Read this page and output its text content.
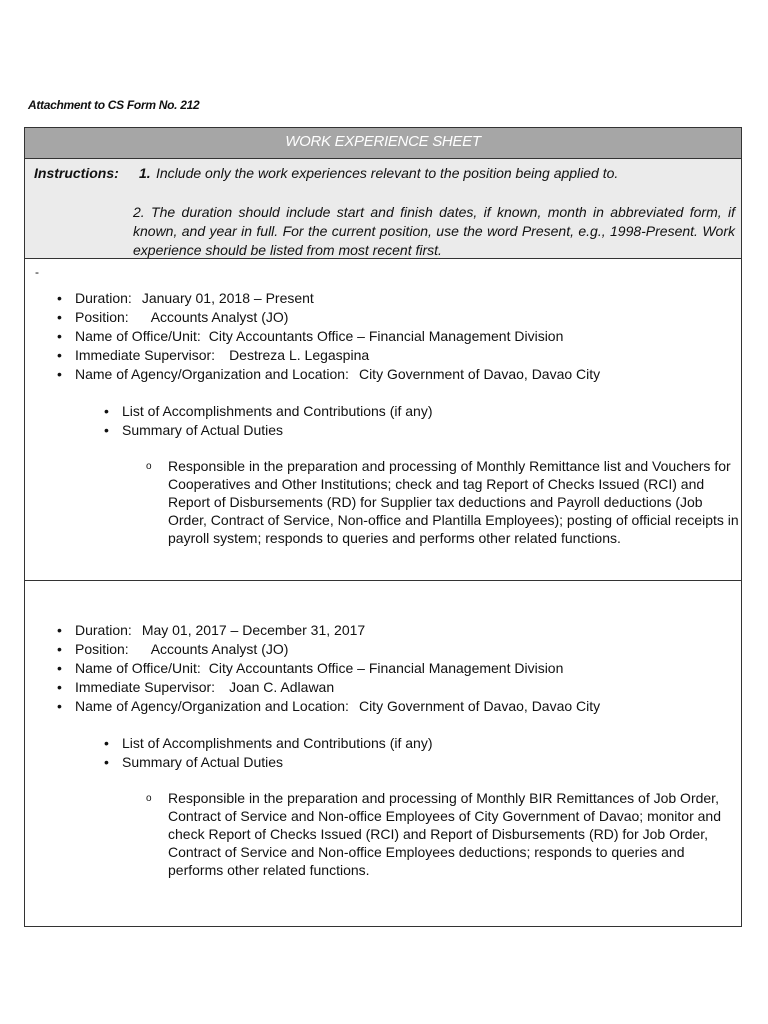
Attachment to CS Form No. 212
WORK EXPERIENCE SHEET
Instructions: 1. Include only the work experiences relevant to the position being applied to.
2. The duration should include start and finish dates, if known, month in abbreviated form, if known, and year in full. For the current position, use the word Present, e.g., 1998-Present. Work experience should be listed from most recent first.
-
• Duration: January 01, 2018 – Present
• Position: Accounts Analyst (JO)
• Name of Office/Unit: City Accountants Office – Financial Management Division
• Immediate Supervisor: Destreza L. Legaspina
• Name of Agency/Organization and Location: City Government of Davao, Davao City
• List of Accomplishments and Contributions (if any)
• Summary of Actual Duties
o Responsible in the preparation and processing of Monthly Remittance list and Vouchers for Cooperatives and Other Institutions; check and tag Report of Checks Issued (RCI) and Report of Disbursements (RD) for Supplier tax deductions and Payroll deductions (Job Order, Contract of Service, Non-office and Plantilla Employees); posting of official receipts in payroll system; responds to queries and performs other related functions.
• Duration: May 01, 2017 – December 31, 2017
• Position: Accounts Analyst (JO)
• Name of Office/Unit: City Accountants Office – Financial Management Division
• Immediate Supervisor: Joan C. Adlawan
• Name of Agency/Organization and Location: City Government of Davao, Davao City
• List of Accomplishments and Contributions (if any)
• Summary of Actual Duties
o Responsible in the preparation and processing of Monthly BIR Remittances of Job Order, Contract of Service and Non-office Employees of City Government of Davao; monitor and check Report of Checks Issued (RCI) and Report of Disbursements (RD) for Job Order, Contract of Service and Non-office Employees deductions; responds to queries and performs other related functions.
